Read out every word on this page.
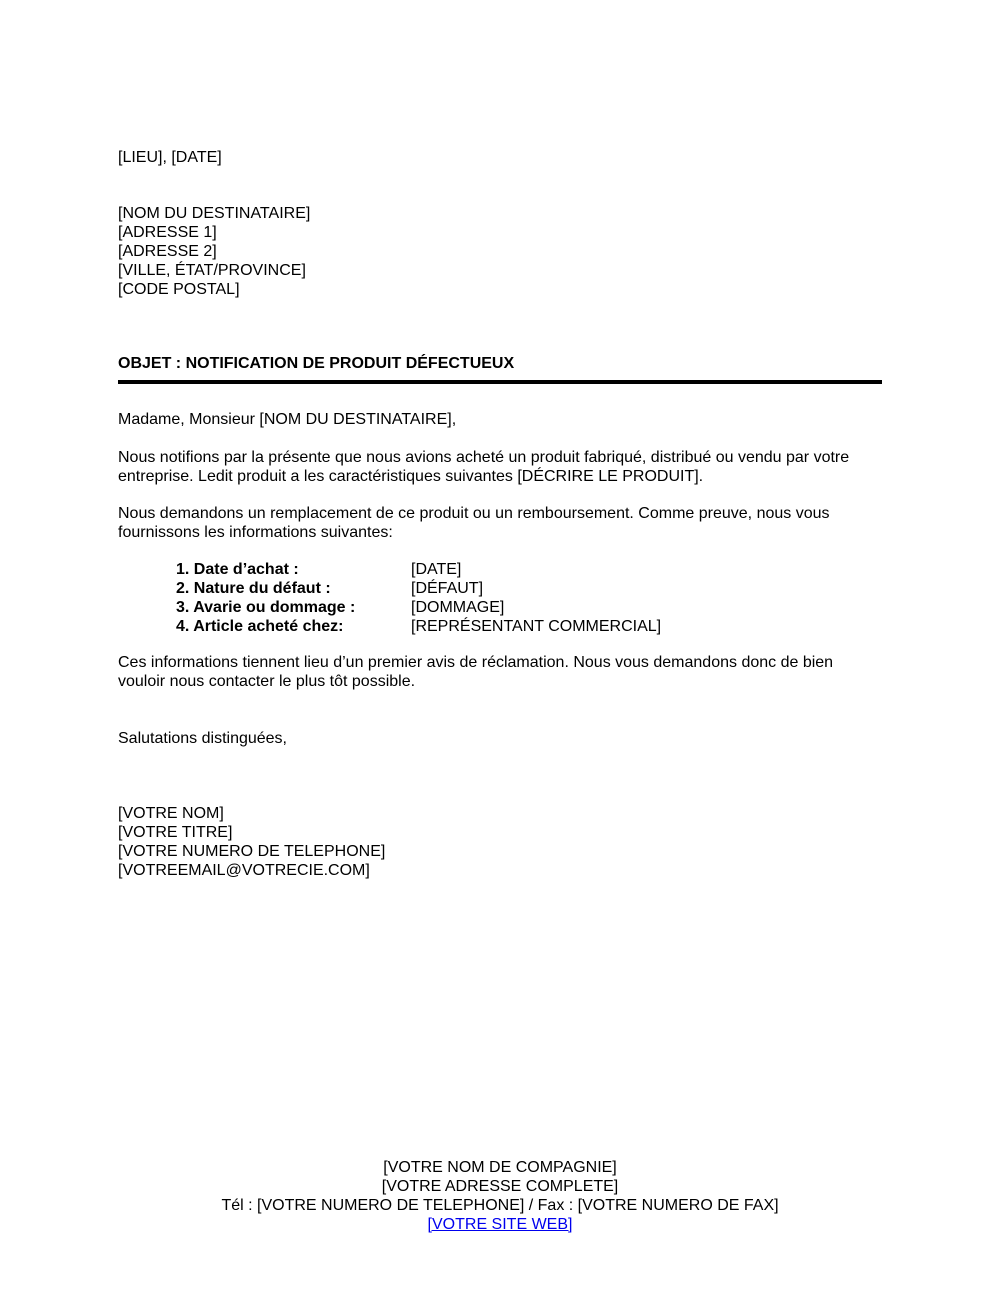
[LIEU], [DATE]
[NOM DU DESTINATAIRE]
[ADRESSE 1]
[ADRESSE 2]
[VILLE, ÉTAT/PROVINCE]
[CODE POSTAL]
OBJET : NOTIFICATION DE PRODUIT DÉFECTUEUX
Madame, Monsieur [NOM DU DESTINATAIRE],
Nous notifions par la présente que nous avions acheté un produit fabriqué, distribué ou vendu par votre
entreprise. Ledit produit a les caractéristiques suivantes [DÉCRIRE LE PRODUIT].
Nous demandons un remplacement de ce produit ou un remboursement. Comme preuve, nous vous
fournissons les informations suivantes:
1. Date d’achat :	[DATE]
2. Nature du défaut :	[DÉFAUT]
3. Avarie ou dommage :	[DOMMAGE]
4. Article acheté chez:	[REPRÉSENTANT COMMERCIAL]
Ces informations tiennent lieu d’un premier avis de réclamation. Nous vous demandons donc de bien
vouloir nous contacter le plus tôt possible.
Salutations distinguées,
[VOTRE NOM]
[VOTRE TITRE]
[VOTRE NUMERO DE TELEPHONE]
[VOTREEMAIL@VOTRECIE.COM]
[VOTRE NOM DE COMPAGNIE]
[VOTRE ADRESSE COMPLETE]
Tél : [VOTRE NUMERO DE TELEPHONE] / Fax : [VOTRE NUMERO DE FAX]
[VOTRE SITE WEB]
